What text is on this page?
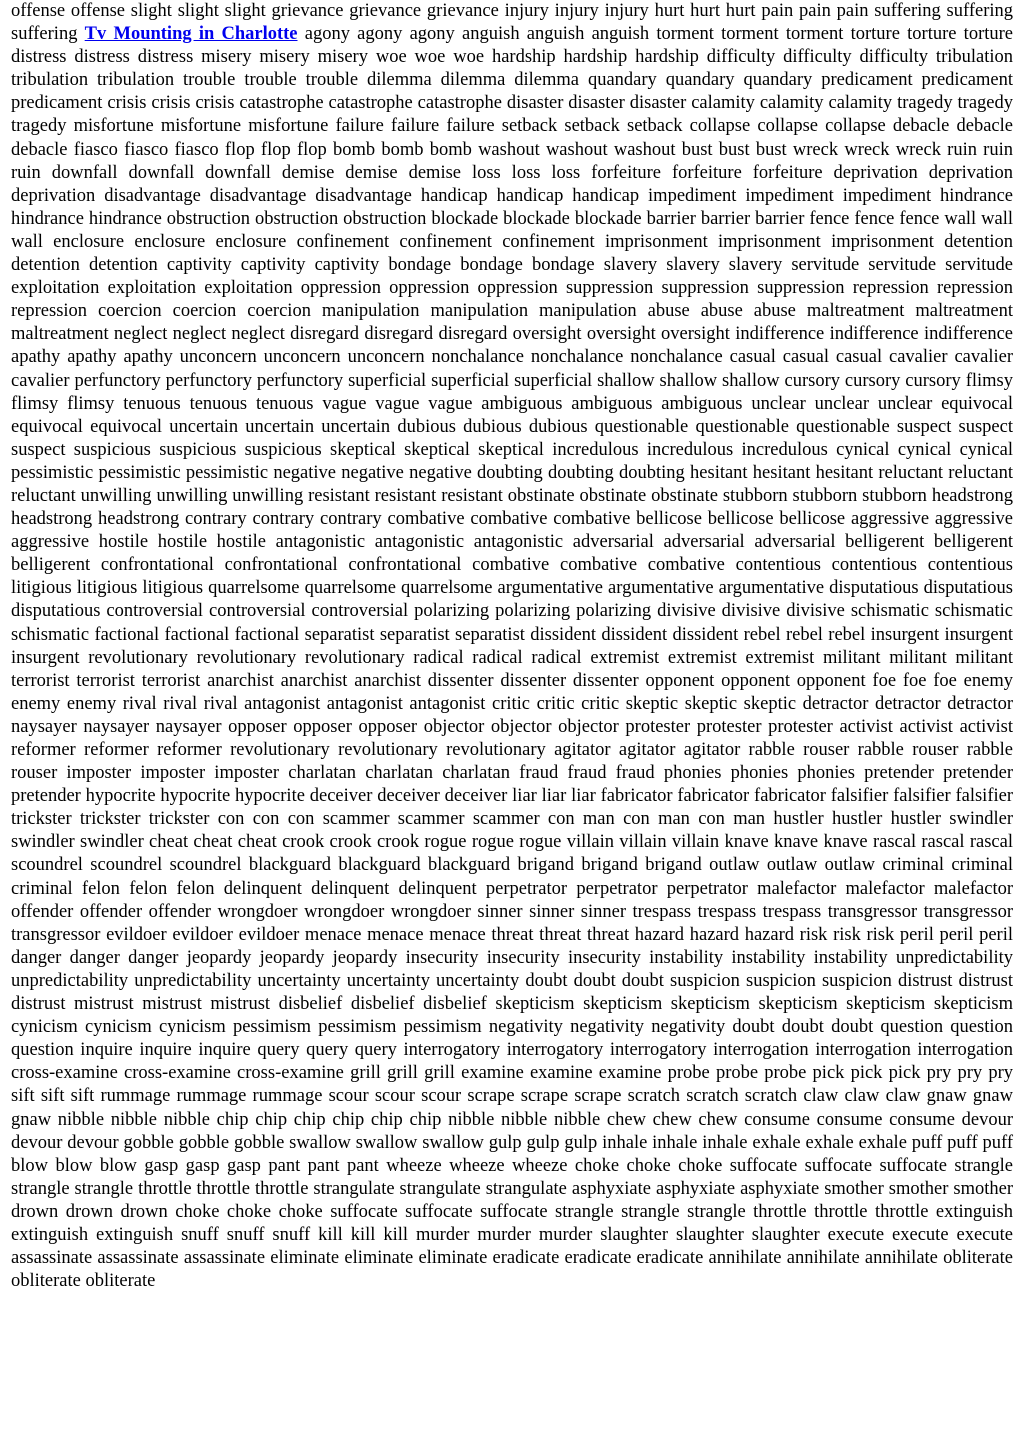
offense offense slight slight slight grievance grievance grievance injury injury injury hurt hurt hurt pain pain pain suffering suffering suffering Tv Mounting in Charlotte agony agony agony anguish anguish anguish torment torment torment torture torture torture distress distress distress misery misery misery woe woe woe hardship hardship hardship difficulty difficulty difficulty tribulation tribulation tribulation trouble trouble trouble dilemma dilemma dilemma quandary quandary quandary predicament predicament predicament crisis crisis crisis catastrophe catastrophe catastrophe disaster disaster disaster calamity calamity calamity tragedy tragedy tragedy misfortune misfortune misfortune failure failure failure setback setback setback collapse collapse collapse debacle debacle debacle fiasco fiasco fiasco flop flop flop bomb bomb bomb washout washout washout bust bust bust wreck wreck wreck ruin ruin ruin downfall downfall downfall demise demise demise loss loss loss forfeiture forfeiture forfeiture deprivation deprivation deprivation disadvantage disadvantage disadvantage handicap handicap handicap impediment impediment impediment hindrance hindrance hindrance obstruction obstruction obstruction blockade blockade blockade barrier barrier barrier fence fence fence wall wall wall enclosure enclosure enclosure confinement confinement confinement imprisonment imprisonment imprisonment detention detention detention captivity captivity captivity bondage bondage bondage slavery slavery slavery servitude servitude servitude exploitation exploitation exploitation oppression oppression oppression suppression suppression suppression repression repression repression coercion coercion coercion manipulation manipulation manipulation abuse abuse abuse maltreatment maltreatment maltreatment neglect neglect neglect disregard disregard disregard oversight oversight oversight indifference indifference indifference apathy apathy apathy unconcern unconcern unconcern nonchalance nonchalance nonchalance casual casual casual cavalier cavalier cavalier perfunctory perfunctory perfunctory superficial superficial superficial shallow shallow shallow cursory cursory cursory flimsy flimsy flimsy tenuous tenuous tenuous vague vague vague ambiguous ambiguous ambiguous unclear unclear unclear equivocal equivocal equivocal uncertain uncertain uncertain dubious dubious dubious questionable questionable questionable suspect suspect suspect suspicious suspicious suspicious skeptical skeptical skeptical incredulous incredulous incredulous cynical cynical cynical pessimistic pessimistic pessimistic negative negative negative doubting doubting doubting hesitant hesitant hesitant reluctant reluctant reluctant unwilling unwilling unwilling resistant resistant resistant obstinate obstinate obstinate stubborn stubborn stubborn headstrong headstrong headstrong contrary contrary contrary combative combative combative bellicose bellicose bellicose aggressive aggressive aggressive hostile hostile hostile antagonistic antagonistic antagonistic adversarial adversarial adversarial belligerent belligerent belligerent confrontational confrontational confrontational combative combative combative contentious contentious contentious litigious litigious litigious quarrelsome quarrelsome quarrelsome argumentative argumentative argumentative disputatious disputatious disputatious controversial controversial controversial polarizing polarizing polarizing divisive divisive divisive schismatic schismatic schismatic factional factional factional separatist separatist separatist dissident dissident dissident rebel rebel rebel insurgent insurgent insurgent revolutionary revolutionary revolutionary radical radical radical extremist extremist extremist militant militant militant terrorist terrorist terrorist anarchist anarchist anarchist dissenter dissenter dissenter opponent opponent opponent foe foe foe enemy enemy enemy rival rival rival antagonist antagonist antagonist critic critic critic skeptic skeptic skeptic detractor detractor detractor naysayer naysayer naysayer opposer opposer opposer objector objector objector protester protester protester activist activist activist reformer reformer reformer revolutionary revolutionary revolutionary agitator agitator agitator rabble rouser rabble rouser rabble rouser imposter imposter imposter charlatan charlatan charlatan fraud fraud fraud phonies phonies phonies pretender pretender pretender hypocrite hypocrite hypocrite deceiver deceiver deceiver liar liar liar fabricator fabricator fabricator falsifier falsifier falsifier trickster trickster trickster con con con scammer scammer scammer con man con man con man hustler hustler hustler swindler swindler swindler cheat cheat cheat crook crook crook rogue rogue rogue villain villain villain knave knave knave rascal rascal rascal scoundrel scoundrel scoundrel blackguard blackguard blackguard brigand brigand brigand outlaw outlaw outlaw criminal criminal criminal felon felon felon delinquent delinquent delinquent perpetrator perpetrator perpetrator malefactor malefactor malefactor offender offender offender wrongdoer wrongdoer wrongdoer sinner sinner sinner trespass trespass trespass transgressor transgressor transgressor evildoer evildoer evildoer menace menace menace threat threat threat hazard hazard hazard risk risk risk peril peril peril danger danger danger jeopardy jeopardy jeopardy insecurity insecurity insecurity instability instability instability unpredictability unpredictability unpredictability uncertainty uncertainty uncertainty doubt doubt doubt suspicion suspicion suspicion distrust distrust distrust mistrust mistrust mistrust disbelief disbelief disbelief skepticism skepticism skepticism skepticism skepticism skepticism cynicism cynicism cynicism pessimism pessimism pessimism negativity negativity negativity doubt doubt doubt question question question inquire inquire inquire query query query interrogatory interrogatory interrogatory interrogation interrogation interrogation cross-examine cross-examine cross-examine grill grill grill examine examine examine probe probe probe pick pick pick pry pry pry sift sift sift rummage rummage rummage scour scour scour scrape scrape scrape scratch scratch scratch claw claw claw gnaw gnaw gnaw nibble nibble nibble chip chip chip chip chip chip nibble nibble nibble chew chew chew consume consume consume devour devour devour gobble gobble gobble swallow swallow swallow gulp gulp gulp inhale inhale inhale exhale exhale exhale puff puff puff blow blow blow gasp gasp gasp pant pant pant wheeze wheeze wheeze choke choke choke suffocate suffocate suffocate strangle strangle strangle throttle throttle throttle strangulate strangulate strangulate asphyxiate asphyxiate asphyxiate smother smother smother drown drown drown choke choke choke suffocate suffocate suffocate strangle strangle strangle throttle throttle throttle extinguish extinguish extinguish snuff snuff snuff kill kill kill murder murder murder slaughter slaughter slaughter execute execute execute assassinate assassinate assassinate eliminate eliminate eliminate eradicate eradicate eradicate annihilate annihilate annihilate obliterate obliterate obliterate
